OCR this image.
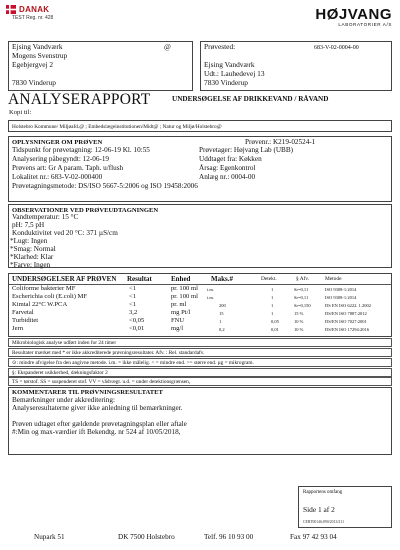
DANAK
TEST Reg. nr. 428	HØJVANG
LABORATORIER A/S
Ejsing Vandværk	@
Mogens Svenstrup
Egebjergvej 2
7830 Vinderup
Prøvested:	683-V-02-0004-00
Ejsing Vandværk
Udt.: Lauhedevej 13
7830 Vinderup
ANALYSERAPPORT	UNDERSØGELSE AF DRIKKEVAND / RÅVAND
Kopi til:
Holstebro Kommune/ Miljøafd.@ ; Embedslægeinstitutionen/Midt@ ; Natur og Miljø/Holstebro@
OPLYSNINGER OM PRØVEN	Prøvenr.: K219-02524-1
Tidspunkt for prøvetagning: 12-06-19 Kl. 10:55
Analysering påbegyndt: 12-06-19
Prøvens art: Gr A param. Taph. u/flush
Lokalitet nr.: 683-V-02-000400
Prøvetagningsmetode: DS/ISO 5667-5:2006 og ISO 19458:2006
Prøvetager: Højvang Lab (UBB)
Uddtaget fra: Køkken
Årsag: Egenkontrol
Anlæg nr.: 0004-00
OBSERVATIONER VED PRØVEUDTAGNINGEN
Vandtemperatur: 15 °C
pH: 7,5 pH
Konduktivitet ved 20 °C: 371 µS/cm
*Lugt: Ingen
*Smag: Normal
*Klarhed: Klar
*Farve: Ingen
UNDERSØGELSER AF PRØVEN Resultat	Enhed	Maks.#	Detekt.	§ Afv.	Metode
Coliforme bakterier MF	<1	pr. 100 ml i.m.	1	Sr=0,11	ISO 9308-1:2014
Escherichia coli (E.coli) MF	<1	pr. 100 ml i.m.	1	Sr=0,11	ISO 9308-1:2014
Kimtal 22°C W.PCA	<1	pr. ml	200	1	Sr=0,150	DS EN ISO 6222. 1.2002
Farvetal	3,2	mg Pt/l	15	1	15 %	DS/EN ISO 7887:2012
Turbiditet	<0,05	FNU	1	0,05	10 %	DS/EN ISO 7027:2001
Jern	<0,01	mg/l	0,2	0,01	10 %	DS/EN ISO 17294:2016
Mikrobiologisk analyse udført inden for 24 timer
Resultater mærket med * er ikke akkrediterede prøvningsresultater. Afv. : Rel. standardafv.
⊙: mindre afvigelse fra den angivne metode. i.m. = ikke målelig. < = mindre end. >= større end. µg = mikrogram.
§: Ekspanderet usikkerhed, dækningsfaktor 2
TS = tørstof. SS = suspenderet stof. VV = vådvægt. u.d. = under detektionsgrænsen,
KOMMENTARER TIL PRØVNINGSRESULTATET
Bemærkninger under akkreditering:
Analyseresultaterne giver ikke anledning til bemærkninger.
Prøven udtaget efter gældende prøvetagningsplan eller aftale
#:Min og max-værdier ift Bekendtg. nr 524 af 10/05/2018,
Rapportens omfang
Side 1 af 2
CERT00146;890/2013/211
Nupark 51	DK 7500 Holstebro	Telf. 96 10 93 00	Fax 97 42 93 04
